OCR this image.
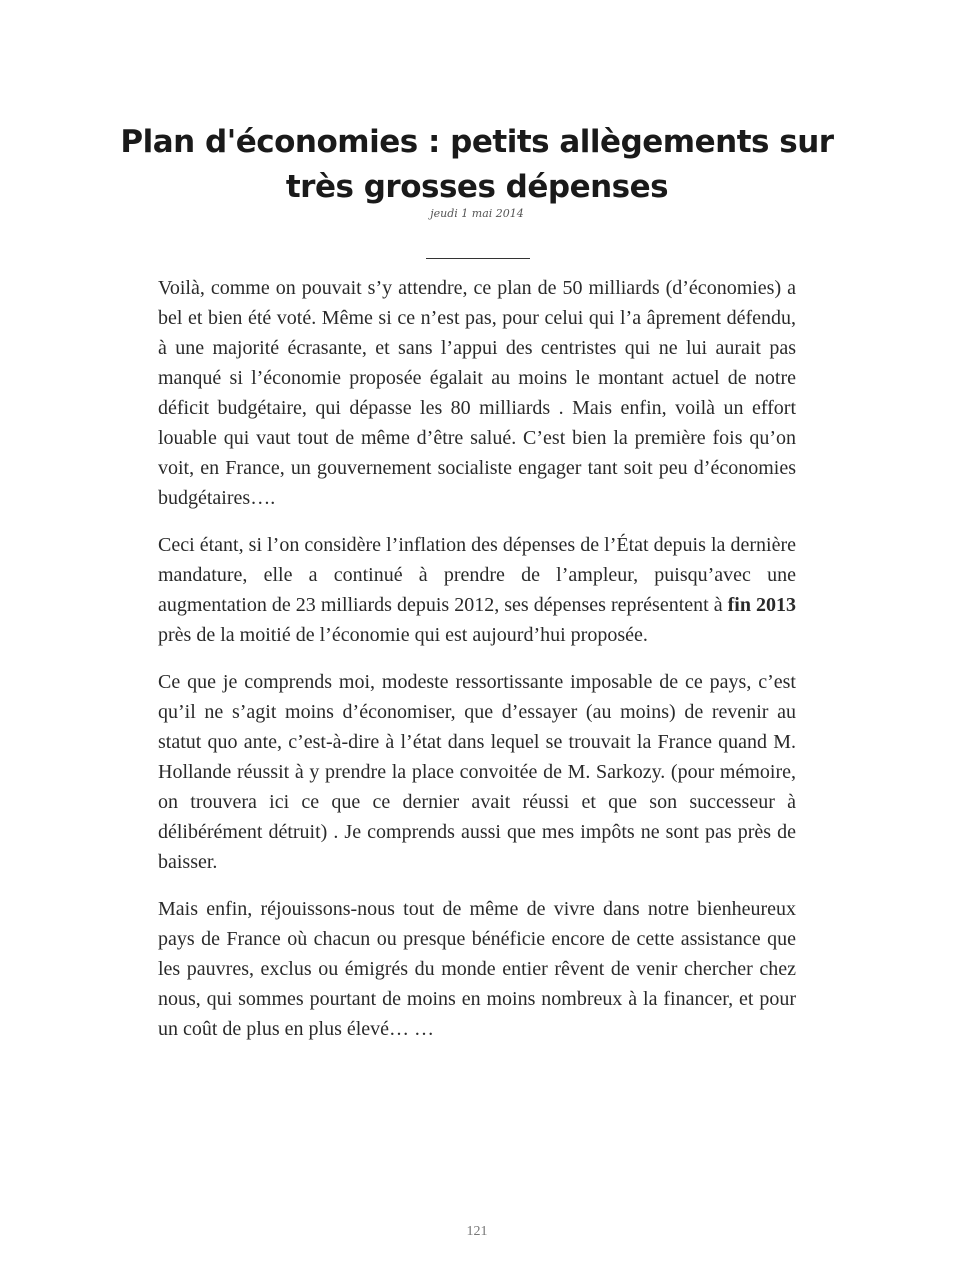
Plan d'économies : petits allègements sur très grosses dépenses
jeudi 1 mai 2014

Voilà, comme on pouvait s’y attendre, ce plan de 50 milliards (d’économies) a bel et bien été voté. Même si ce n’est pas, pour celui qui l’a âprement défendu, à une majorité écrasante, et sans l’appui des centristes qui ne lui aurait pas manqué si l’économie proposée égalait au moins le montant actuel de notre déficit budgétaire, qui dépasse les 80 milliards . Mais enfin, voilà un effort louable qui vaut tout de même d’être salué. C’est bien la première fois qu’on voit, en France, un gouvernement socialiste engager tant soit peu d’économies budgétaires….

Ceci étant, si l’on considère l’inflation des dépenses de l’État depuis la dernière mandature, elle a continué à prendre de l’ampleur, puisqu’avec une augmentation de 23 milliards depuis 2012, ses dépenses représentent à fin 2013 près de la moitié de l’économie qui est aujourd’hui proposée.

Ce que je comprends moi, modeste ressortissante imposable de ce pays, c’est qu’il ne s’agit moins d’économiser, que d’essayer (au moins) de revenir au statut quo ante, c’est-à-dire à l’état dans lequel se trouvait la France quand M. Hollande réussit à y prendre la place convoitée de M. Sarkozy. (pour mémoire, on trouvera ici ce que ce dernier avait réussi et que son successeur à délibérément détruit) . Je comprends aussi que mes impôts ne sont pas près de baisser.

Mais enfin, réjouissons-nous tout de même de vivre dans notre bienheureux pays de France où chacun ou presque bénéficie encore de cette assistance que les pauvres, exclus ou émigrés du monde entier rêvent de venir chercher chez nous, qui sommes pourtant de moins en moins nombreux à la financer, et pour un coût de plus en plus élevé… …

121
